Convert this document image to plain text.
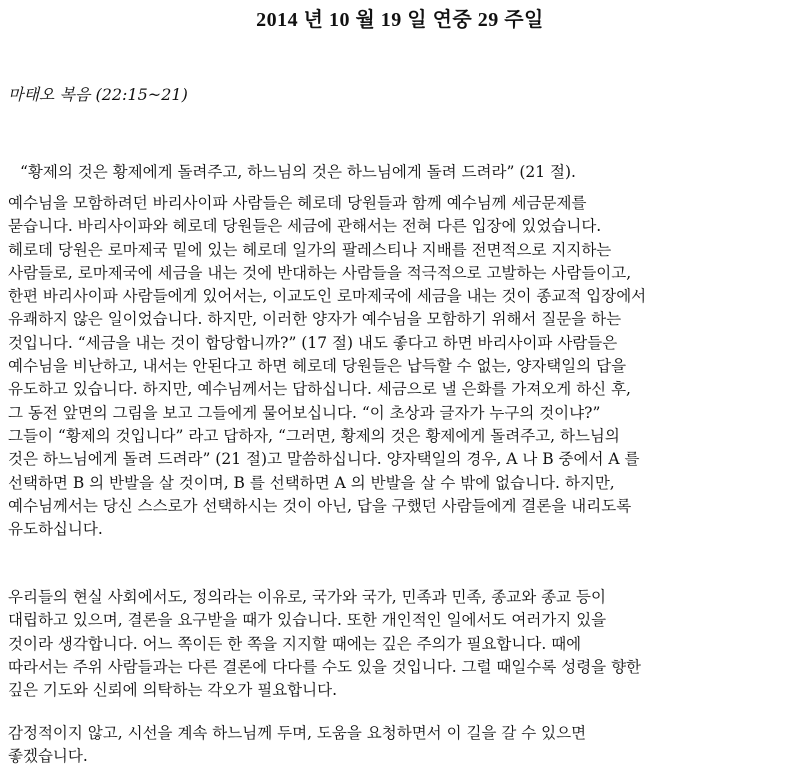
2014 년 10 월 19 일 연중 29 주일
마태오 복음 (22:15~21)
“황제의 것은 황제에게 돌려주고, 하느님의 것은 하느님에게 돌려 드려라” (21 절).
예수님을 모함하려던 바리사이파 사람들은 헤로데 당원들과 함께 예수님께 세금문제를
묻습니다. 바리사이파와 헤로데 당원들은 세금에 관해서는 전혀 다른 입장에 있었습니다.
헤로데 당원은 로마제국 밑에 있는 헤로데 일가의 팔레스티나 지배를 전면적으로 지지하는
사람들로, 로마제국에 세금을 내는 것에 반대하는 사람들을 적극적으로 고발하는 사람들이고,
한편 바리사이파 사람들에게 있어서는, 이교도인 로마제국에 세금을 내는 것이 종교적 입장에서
유쾌하지 않은 일이었습니다. 하지만, 이러한 양자가 예수님을 모함하기 위해서 질문을 하는
것입니다. “세금을 내는 것이 합당합니까?” (17 절) 내도 좋다고 하면 바리사이파 사람들은
예수님을 비난하고, 내서는 안된다고 하면 헤로데 당원들은 납득할 수 없는, 양자택일의 답을
유도하고 있습니다. 하지만, 예수님께서는 답하십니다. 세금으로 낼 은화를 가져오게 하신 후,
그 동전 앞면의 그림을 보고 그들에게 물어보십니다. “이 초상과 글자가 누구의 것이냐?”
그들이 “황제의 것입니다” 라고 답하자, “그러면, 황제의 것은 황제에게 돌려주고, 하느님의
것은 하느님에게 돌려 드려라” (21 절)고 말씀하십니다. 양자택일의 경우, A 나 B 중에서 A 를
선택하면 B 의 반발을 살 것이며, B 를 선택하면 A 의 반발을 살 수 밖에 없습니다. 하지만,
예수님께서는 당신 스스로가 선택하시는 것이 아닌, 답을 구했던 사람들에게 결론을 내리도록
유도하십니다.
우리들의 현실 사회에서도, 정의라는 이유로, 국가와 국가, 민족과 민족, 종교와 종교 등이
대립하고 있으며, 결론을 요구받을 때가 있습니다. 또한 개인적인 일에서도 여러가지 있을
것이라 생각합니다. 어느 쪽이든 한 쪽을 지지할 때에는 깊은 주의가 필요합니다. 때에
따라서는 주위 사람들과는 다른 결론에 다다를 수도 있을 것입니다. 그럴 때일수록 성령을 향한
깊은 기도와 신뢰에 의탁하는 각오가 필요합니다.
감정적이지 않고, 시선을 계속 하느님께 두며, 도움을 요청하면서 이 길을 갈 수 있으면
좋겠습니다.
